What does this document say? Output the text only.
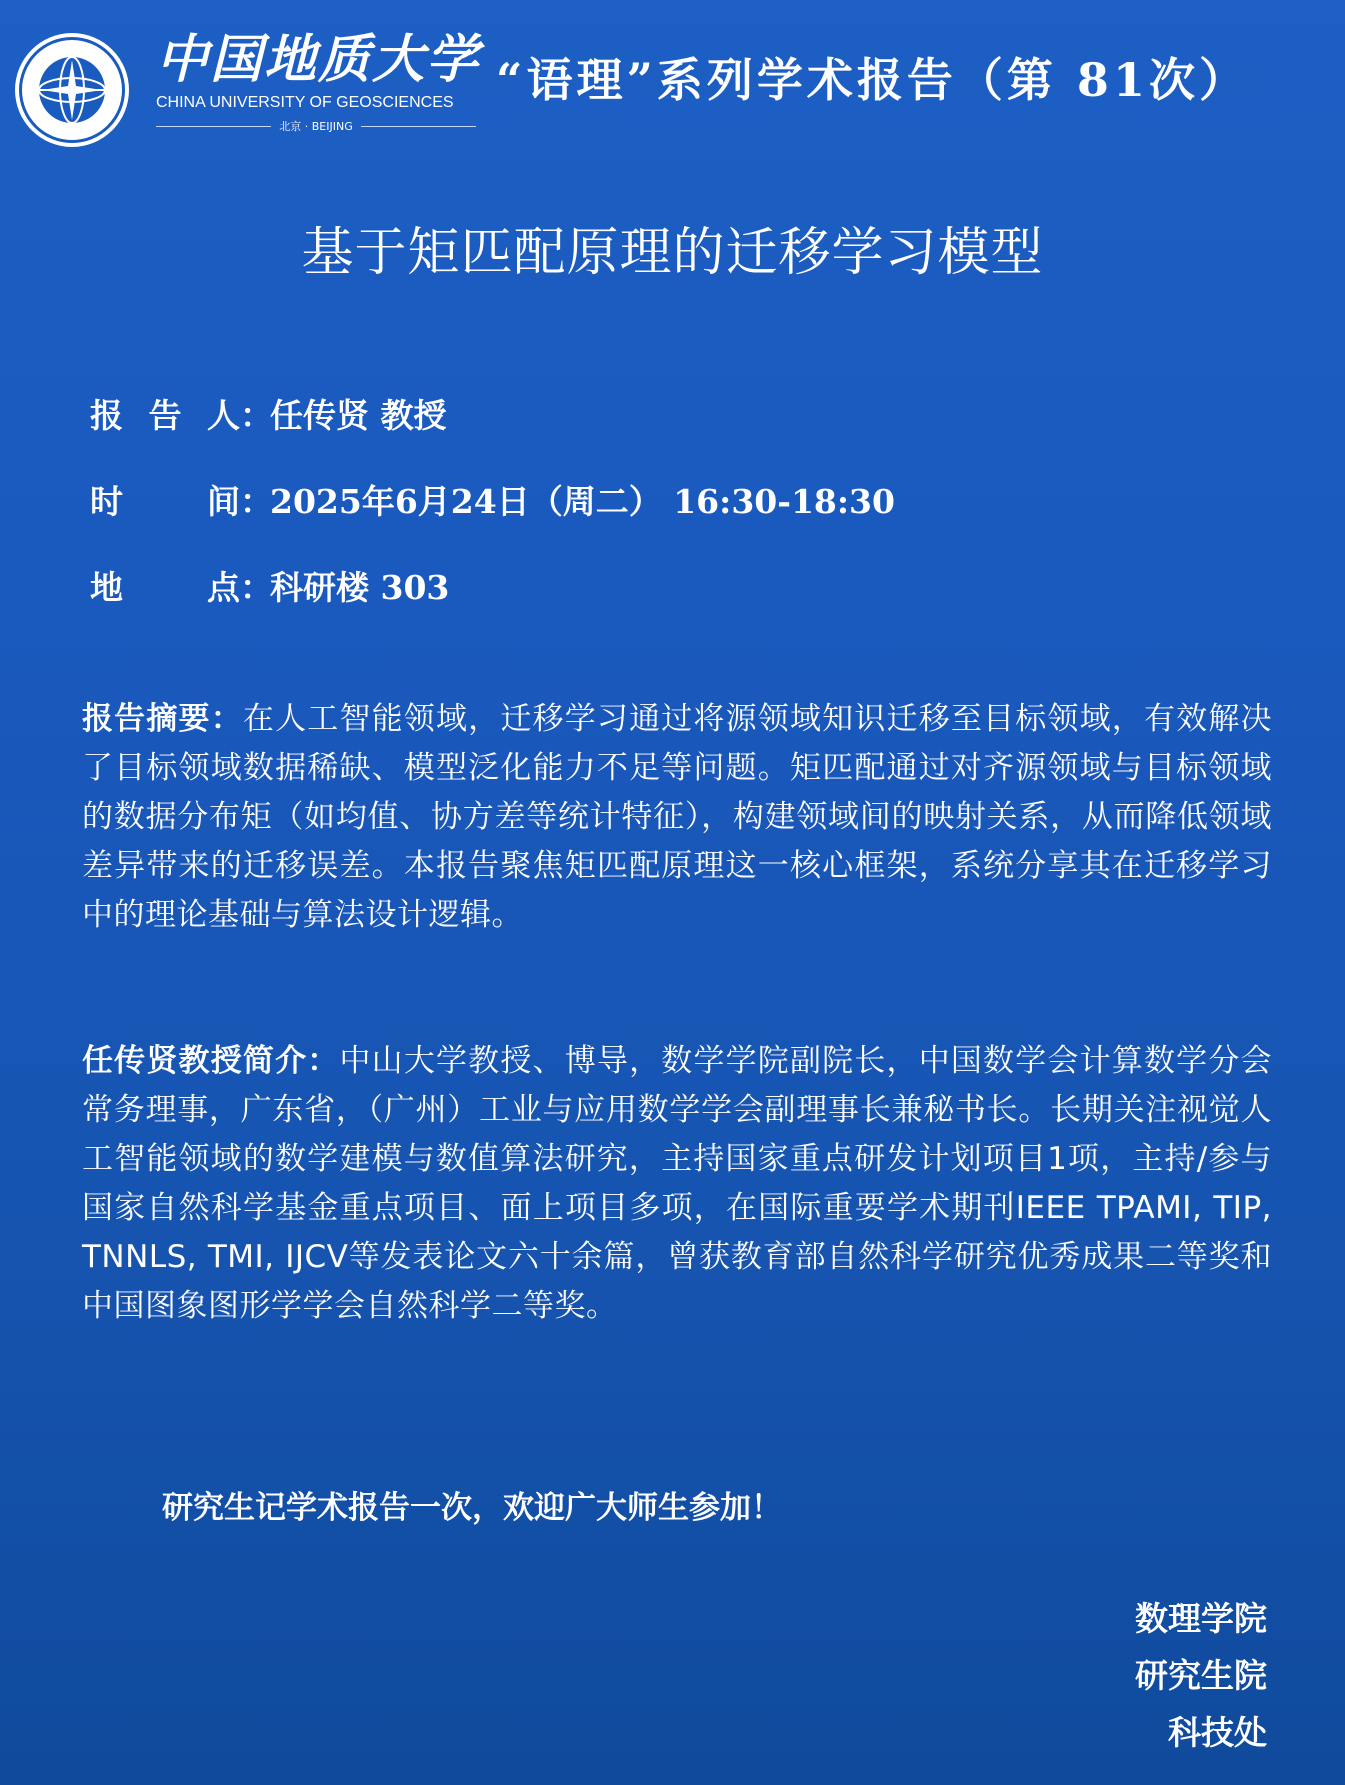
中国地质大学
CHINA UNIVERSITY OF GEOSCIENCES
北京 · BEIJING
“语理”系列学术报告（第 81次）
基于矩匹配原理的迁移学习模型
报 告 人 ：
任传贤 教授
时	间 ：
2025年6月24日（周二） 16:30-18:30
地	点 ：
科研楼 303
报告摘要：在人工智能领域，迁移学习通过将源领域知识迁移至目标领域，有效解决了目标领域数据稀缺、模型泛化能力不足等问题。矩匹配通过对齐源领域与目标领域的数据分布矩（如均值、协方差等统计特征），构建领域间的映射关系，从而降低领域差异带来的迁移误差。本报告聚焦矩匹配原理这一核心框架，系统分享其在迁移学习中的理论基础与算法设计逻辑。
任传贤教授简介：中山大学教授、博导，数学学院副院长，中国数学会计算数学分会常务理事，广东省，（广州）工业与应用数学学会副理事长兼秘书长。长期关注视觉人工智能领域的数学建模与数值算法研究，主持国家重点研发计划项目1项，主持/参与国家自然科学基金重点项目、面上项目多项，在国际重要学术期刊IEEE TPAMI, TIP, TNNLS, TMI, IJCV等发表论文六十余篇，曾获教育部自然科学研究优秀成果二等奖和中国图象图形学学会自然科学二等奖。
研究生记学术报告一次，欢迎广大师生参加！
数理学院
研究生院
科技处
